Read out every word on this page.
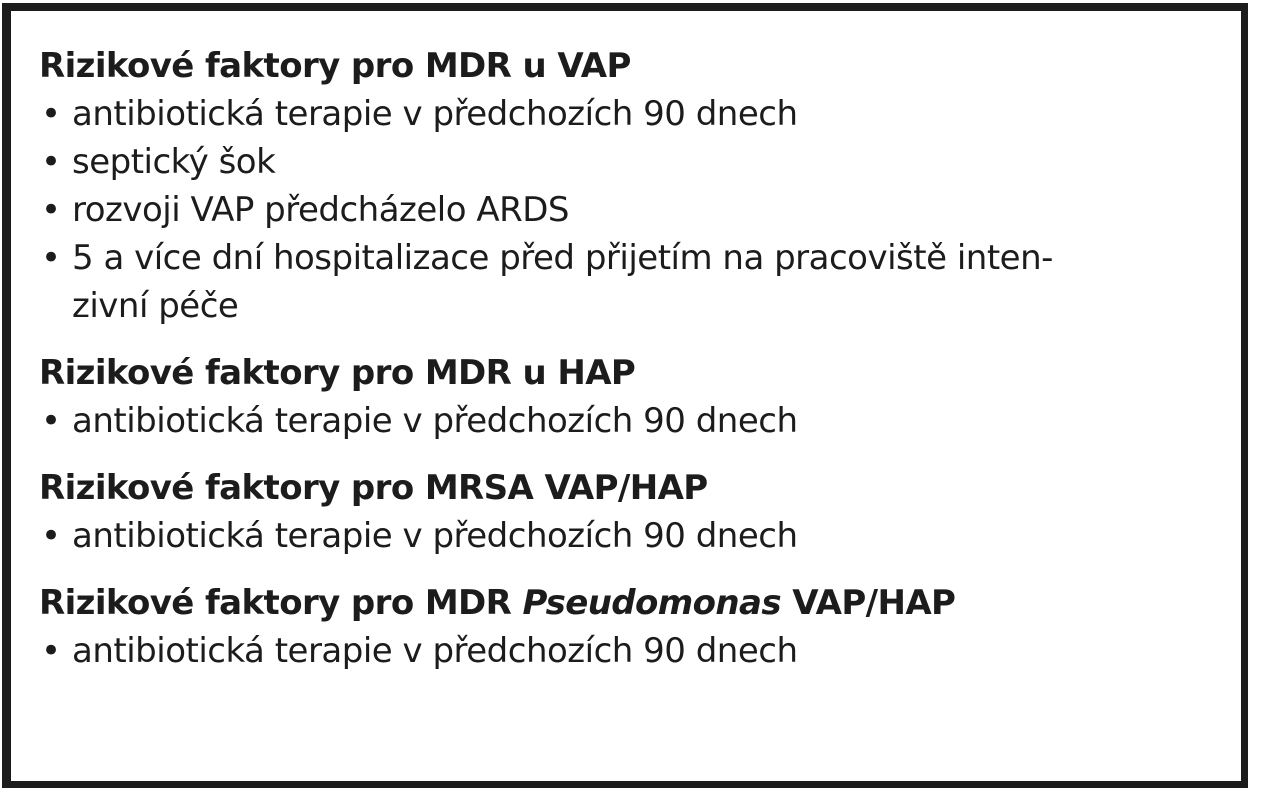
Rizikové faktory pro MDR u VAP
• antibiotická terapie v předchozích 90 dnech
• septický šok
• rozvoji VAP předcházelo ARDS
• 5 a více dní hospitalizace před přijetím na pracoviště inten-
zivní péče
Rizikové faktory pro MDR u HAP
• antibiotická terapie v předchozích 90 dnech
Rizikové faktory pro MRSA VAP/HAP
• antibiotická terapie v předchozích 90 dnech
Rizikové faktory pro MDR Pseudomonas VAP/HAP
• antibiotická terapie v předchozích 90 dnech
